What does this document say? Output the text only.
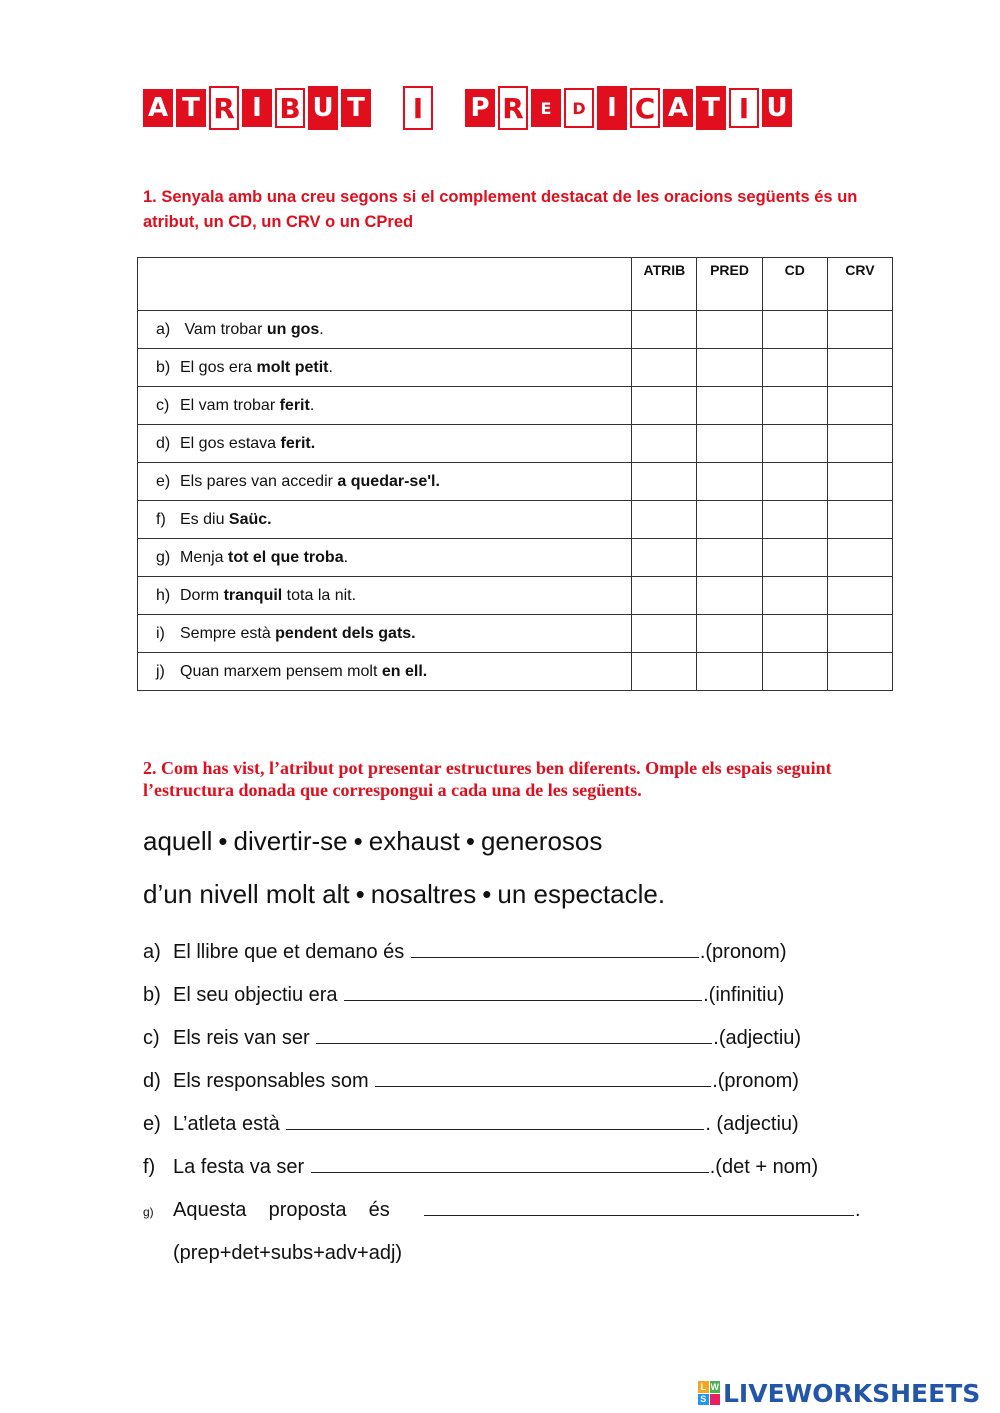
A T R I B U T	I	P R	E	D I C A T I U
1. Senyala amb una creu segons si el complement destacat de les oracions següents és un atribut, un CD, un CRV o un CPred
	ATRIB	PRED	CD	CRV
a) Vam trobar un gos.				
b) El gos era molt petit.				
c) El vam trobar ferit.				
d) El gos estava ferit.				
e) Els pares van accedir a quedar-se'l.				
f) Es diu Saüc.				
g) Menja tot el que troba.				
h) Dorm tranquil tota la nit.				
i) Sempre està pendent dels gats.				
j) Quan marxem pensem molt en ell.				
2. Com has vist, l’atribut pot presentar estructures ben diferents. Omple els espais seguint l’estructura donada que correspongui a cada una de les següents.
aquell • divertir-se • exhaust • generosos
d’un nivell molt alt • nosaltres • un espectacle.
a) El llibre que et demano és	.(pronom)
b) El seu objectiu era	.(infinitiu)
c) Els reis van ser	.(adjectiu)
d) Els responsables som	.(pronom)
e) L’atleta està	. (adjectiu)
f) La festa va ser	.(det + nom)
g) Aquesta    proposta    és	.
(prep+det+subs+adv+adj)
L W
S LIVEWORKSHEETS
